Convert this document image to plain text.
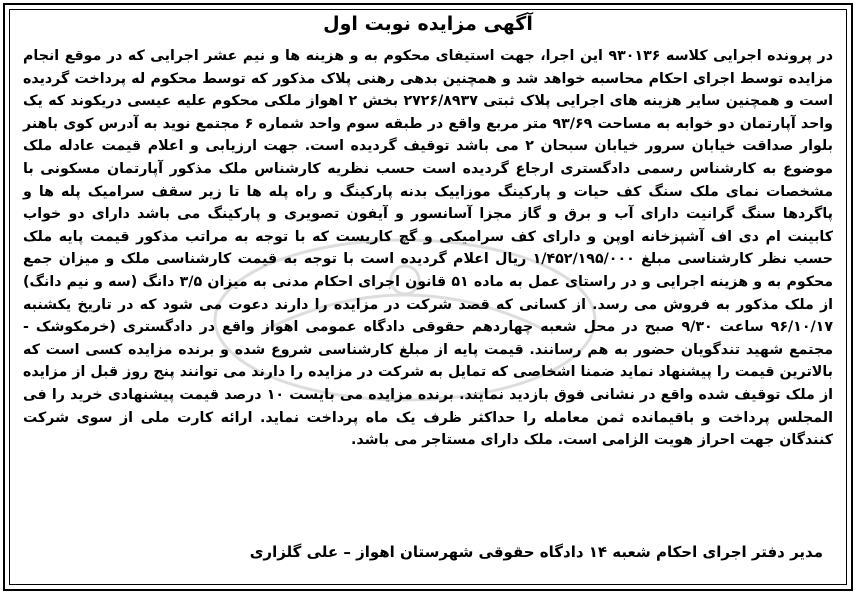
آگهی مزایده نوبت اول
در پرونده اجرایی کلاسه ۹۳۰۱۳۶ این اجرا، جهت استیفای محکوم به و هزینه ها و نیم عشر اجرایی که در موقع انجام مزایده توسط اجرای احکام محاسبه خواهد شد و همچنین بدهی رهنی پلاک مذکور که توسط محکوم له پرداخت گردیده است و همچنین سایر هزینه های اجرایی پلاک ثبتی ۲۷۲۶/۸۹۳۷ بخش ۲ اهواز ملکی محکوم علیه عیسی دریکوند که یک واحد آپارتمان دو خوابه به مساحت ۹۳/۶۹ متر مربع واقع در طبقه سوم واحد شماره ۶ مجتمع نوید به آدرس کوی باهنر بلوار صداقت خیابان سرور خیابان سبحان ۲ می باشد توقیف گردیده است. جهت ارزیابی و اعلام قیمت عادله ملک موضوع به کارشناس رسمی دادگستری ارجاع گردیده است حسب نظریه کارشناس ملک مذکور آپارتمان مسکونی با مشخصات نمای ملک سنگ کف حیات و پارکینگ موزاییک بدنه پارکینگ و راه پله ها تا زیر سقف سرامیک پله ها و پاگردها سنگ گرانیت دارای آب و برق و گاز مجزا آسانسور و آیفون تصویری و پارکینگ می باشد دارای دو خواب کابینت ام دی اف آشپزخانه اوپن و دارای کف سرامیکی و گچ کاریست که با توجه به مراتب مذکور قیمت پایه ملک حسب نظر کارشناسی مبلغ ۱/۴۵۲/۱۹۵/۰۰۰ ریال اعلام گردیده است با توجه به قیمت کارشناسی ملک و میزان جمع محکوم به و هزینه اجرایی و در راستای عمل به ماده ۵۱ قانون اجرای احکام مدنی به میزان ۳/۵ دانگ (سه و نیم دانگ) از ملک مذکور به فروش می رسد. از کسانی که قصد شرکت در مزایده را دارند دعوت می شود که در تاریخ یکشنبه ۹۶/۱۰/۱۷ ساعت ۹/۳۰ صبح در محل شعبه چهاردهم حقوقی دادگاه عمومی اهواز واقع در دادگستری (خرمکوشک - مجتمع شهید تندگویان حضور به هم رسانند. قیمت پایه از مبلغ کارشناسی شروع شده و برنده مزایده کسی است که بالاترین قیمت را پیشنهاد نماید ضمنا اشخاصی که تمایل به شرکت در مزایده را دارند می توانند پنج روز قبل از مزایده از ملک توقیف شده واقع در نشانی فوق بازدید نمایند. برنده مزایده می بایست ۱۰ درصد قیمت پیشنهادی خرید را فی المجلس پرداخت و باقیمانده ثمن معامله را حداکثر ظرف یک ماه پرداخت نماید. ارائه کارت ملی از سوی شرکت کنندگان جهت احراز هویت الزامی است. ملک دارای مستاجر می باشد.
مدیر دفتر اجرای احکام شعبه ۱۴ دادگاه حقوقی شهرستان اهواز – علی گلزاری
